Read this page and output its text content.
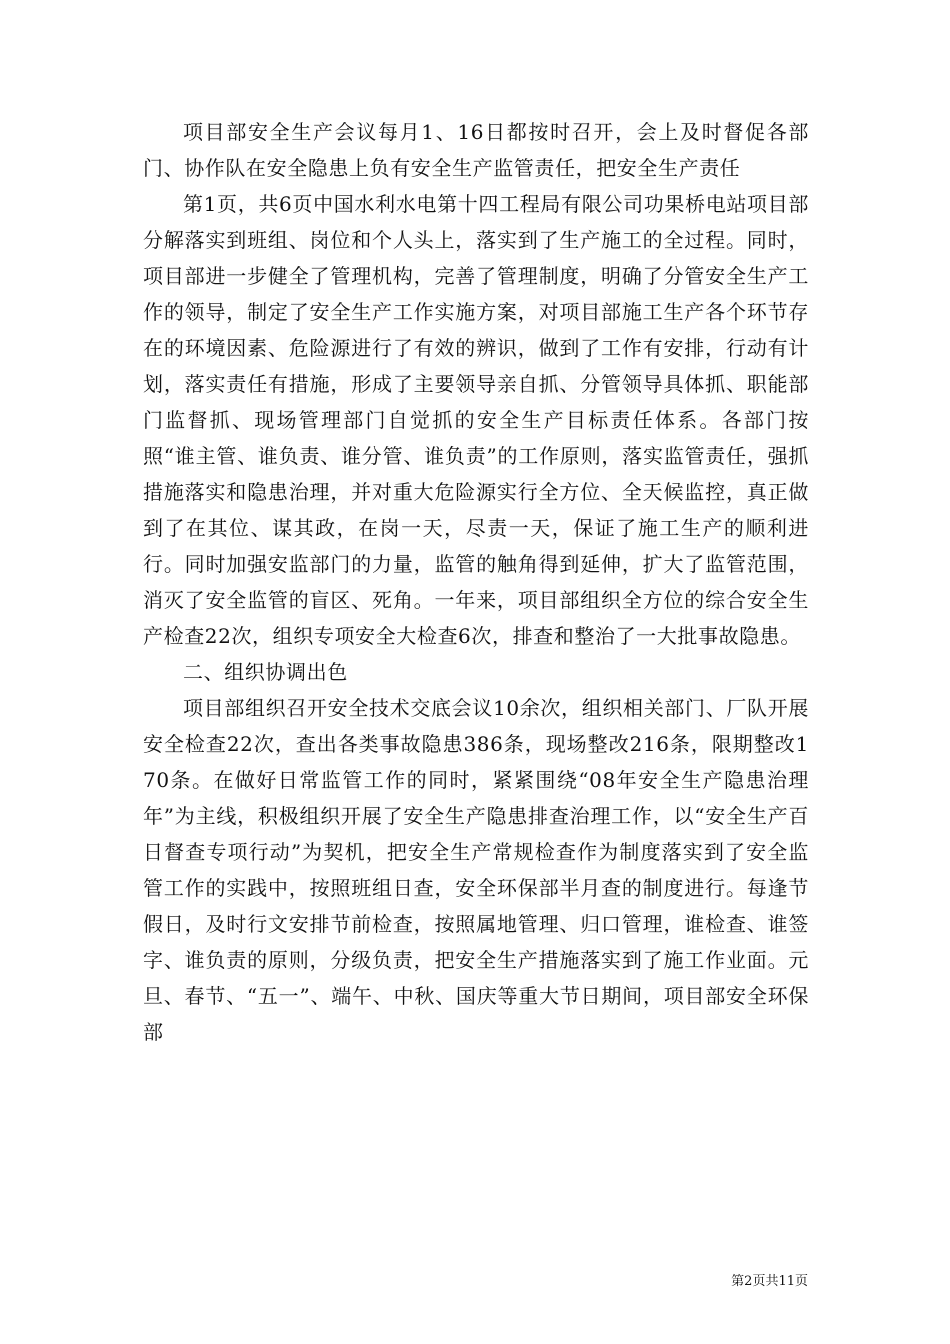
项目部安全生产会议每月1、16日都按时召开，会上及时督促各部门、协作队在安全隐患上负有安全生产监管责任，把安全生产责任

第1页，共6页中国水利水电第十四工程局有限公司功果桥电站项目部分解落实到班组、岗位和个人头上，落实到了生产施工的全过程。同时，项目部进一步健全了管理机构，完善了管理制度，明确了分管安全生产工作的领导，制定了安全生产工作实施方案，对项目部施工生产各个环节存在的环境因素、危险源进行了有效的辨识，做到了工作有安排，行动有计划，落实责任有措施，形成了主要领导亲自抓、分管领导具体抓、职能部门监督抓、现场管理部门自觉抓的安全生产目标责任体系。各部门按照“谁主管、谁负责、谁分管、谁负责”的工作原则，落实监管责任，强抓措施落实和隐患治理，并对重大危险源实行全方位、全天候监控，真正做到了在其位、谋其政，在岗一天，尽责一天，保证了施工生产的顺利进行。同时加强安监部门的力量，监管的触角得到延伸，扩大了监管范围，消灭了安全监管的盲区、死角。一年来，项目部组织全方位的综合安全生产检查22次，组织专项安全大检查6次，排查和整治了一大批事故隐患。

二、组织协调出色

项目部组织召开安全技术交底会议10余次，组织相关部门、厂队开展安全检查22次，查出各类事故隐患386条，现场整改216条，限期整改170条。在做好日常监管工作的同时，紧紧围绕“08年安全生产隐患治理年”为主线，积极组织开展了安全生产隐患排查治理工作，以“安全生产百日督查专项行动”为契机，把安全生产常规检查作为制度落实到了安全监管工作的实践中，按照班组日查，安全环保部半月查的制度进行。每逢节假日，及时行文安排节前检查，按照属地管理、归口管理，谁检查、谁签字、谁负责的原则，分级负责，把安全生产措施落实到了施工作业面。元旦、春节、“五一”、端午、中秋、国庆等重大节日期间，项目部安全环保部

第2页共11页
